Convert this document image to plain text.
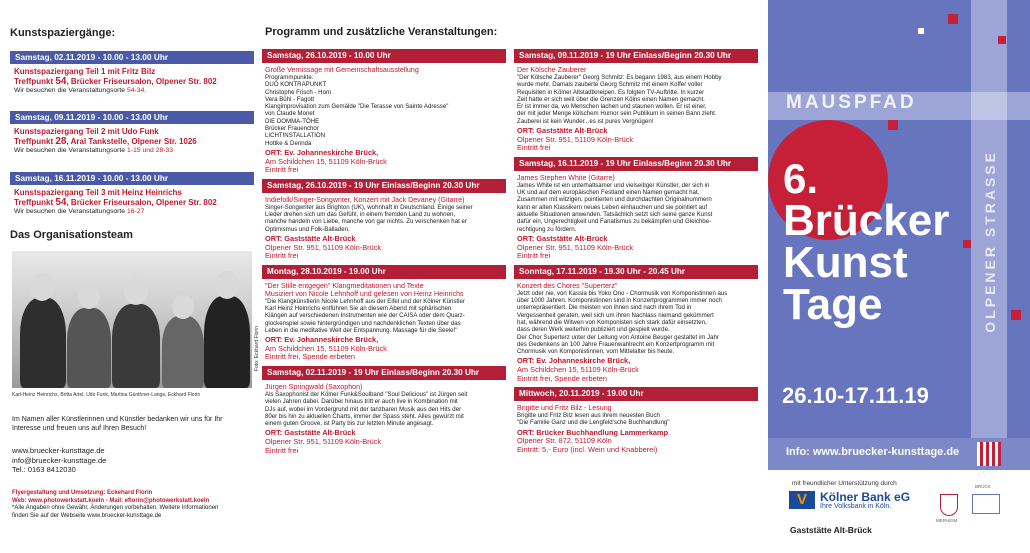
Kunstspaziergänge:
Samstag, 02.11.2019 - 10.00 - 13.00 Uhr
Kunstspaziergang Teil 1 mit Fritz Bilz
Treffpunkt 54, Brücker Friseursalon, Olpener Str. 802
Wir besuchen die Veranstaltungsorte 54-34.
Samstag, 09.11.2019 - 10.00 - 13.00 Uhr
Kunstspaziergang Teil 2 mit Udo Funk
Treffpunkt 28, Aral Tankstelle, Olpener Str. 1026
Wir besuchen die Veranstaltungsorte 1-15 und 28-33
Samstag, 16.11.2019 - 10.00 - 13.00 Uhr
Kunstspaziergang Teil 3 mit Heinz Heinrichs
Treffpunkt 54, Brücker Friseursalon, Olpener Str. 802
Wir besuchen die Veranstaltungsorte 16-27
Das Organisationsteam
Karl-Heinz Heinrichs, Britta Artel, Udo Funk, Martina Günthner-Lange, Eckhard Florin
Foto: Eckhard Florin
Im Namen aller Künstlerinnen und Künstler bedanken wir uns für Ihr Interesse und freuen uns auf Ihren Besuch!
www.bruecker-kunsttage.de
info@bruecker-kunsttage.de
Tel.: 0163 8412030
Flyergestaltung und Umsetzung: Eckehard Florin
Web: www.photowerkstatt.koeln - Mail: eflorin@photowerkstatt.koeln
*Alle Angaben ohne Gewähr, Änderungen vorbehalten. Weitere Informationen
finden Sie auf der Webseite www.bruecker-kunsttage.de
Programm und zusätzliche Veranstaltungen:
Samstag, 26.10.2019 - 10.00 Uhr
Große Vernissage mit Gemeinschaftsausstellung
Programmpunkte:
DUO KONTRAPUNKT
Christophe Frisch - Horn
Vera Bühl - Fagott
Klangimprovisation zum Gemälde "Die Terasse von Sainte Adresse"
von Claude Monet
DIE DOMMA-TÖHE
Brücker Frauenchor
LICHTINSTALLATION
Hottke & Dennda
ORT: Ev. Johanneskirche Brück,
Am Schildchen 15, 51109 Köln-Brück
Eintritt frei
Samstag, 26.10.2019 - 19 Uhr Einlass/Beginn 20.30 Uhr
Indiefolk/Singer-Songwriter, Konzert mit Jack Devaney (Gitarre)
Singer-Songwriter aus Brighton (UK), wohnhaft in Deutschland. Einige seiner
Lieder drehen sich um das Gefühl, in einem fremden Land zu wohnen,
manche handeln von Liebe, manche von gar nichts. Zu verschenken hat er
Optimismus und Folk-Balladen.
ORT: Gaststätte Alt-Brück
Olpener Str. 951, 51109 Köln-Brück
Eintritt frei
Montag, 28.10.2019 - 19.00 Uhr
"Der Stille entgegen" Klangmeditationen und Texte
Musiziert von Nicole Lehnhoff und gelesen von Heinz Heinrichs
"Die Klangkünstlerin Nicole Lehnhoff aus der Eifel und der Kölner Künstler
Karl Heinz Heinrichs entführen Sie an diesem Abend mit sphärischen
Klängen auf verschiedenen Instrumenten wie der CAISA oder dem Quarz-
glockenspiel sowie hintergründigen und nachdenklichen Texten über das
Leben in die meditative Welt der Entspannung. Massage für die Seele!"
ORT: Ev. Johanneskirche Brück,
Am Schildchen 15, 51109 Köln-Brück
Eintritt frei, Spende erbeten
Samstag, 02.11.2019 - 19 Uhr Einlass/Beginn 20.30 Uhr
Jürgen Springwald (Saxophon)
Als Saxophonist der Kölner Funk&Soulband "Soul Delicious" ist Jürgen seit
vielen Jahren dabei. Darüber hinaus tritt er auch live in Kombination mit
DJs auf, wobei im Vordergrund mit der tanzbaren Musik aus den Hits der
80er bis hin zu aktuellen Charts, immer der Spass steht. Alles gewürzt mit
einem guten Groove, ist Party bis zur letzten Minute angesagt.
ORT: Gaststätte Alt-Brück
Olpener Str. 951, 51109 Köln-Brück
Eintritt frei
Samstag, 09.11.2019 - 19 Uhr Einlass/Beginn 20.30 Uhr
Der Kölsche Zauberer
"Der Kölsche Zauberer" Georg Schmitz: Es begann 1983, aus einem Hobby
wurde mehr. Damals zauberte Georg Schmitz mit einem Koffer voller
Requisiten in Kölner Altstadtkneipen. Es folgten TV-Auftritte. In kurzer
Zeit hatte er sich weit über die Grenzen Kölns einen Namen gemacht.
Er ist immer da, wo Menschen lachen und staunen wollen. Er ist einer,
der mit jeder Menge kölschem Humor sein Publikum in seinen Bann zieht.
Zauberei ist kein Wunder...es ist pures Vergnügen!
ORT: Gaststätte Alt-Brück
Olpener Str. 951, 51109 Köln-Brück
Eintritt frei
Samstag, 16.11.2019 - 19 Uhr Einlass/Beginn 20.30 Uhr
James Stephen White (Gitarre)
James White ist ein unterhaltsamer und vielseitiger Künstler, der sich in
UK und auf dem europäischen Festland einen Namen gemacht hat.
Zusammen mit witzigen, pointierten und durchdachten Originalnummern
kann er alten Klassikern neues Leben einhauchen und sie pointiert auf
aktuelle Situationen anwenden. Tatsächlich setzt sich seine ganze Kunst
dafür ein, Ungerechtigkeit und Fanatismus zu bekämpfen und Gleichbe-
rechtigung zu fördern.
ORT: Gaststätte Alt-Brück
Olpener Str. 951, 51109 Köln-Brück
Eintritt frei
Sonntag, 17.11.2019 - 19.30 Uhr - 20.45 Uhr
Konzert des Chores "Superterz"
Jetzt oder nie, von Kassia bis Yoko Ono - Chormusik von Komponistinnen aus
über 1000 Jahren. Komponistinnen sind in Konzertprogrammen immer noch
unterrepräsentiert. Die meisten von ihnen sind nach ihrem Tod in
Vergessenheit geraten, weil sich um ihren Nachlass niemand gekümmert
hat, während die Witwen von Komponisten sich stark dafür einsetzten,
dass deren Werk weiterhin publiziert und gespielt wurde.
Der Chor Superterz unter der Leitung von Antoine Beuger gestaltet im Jahr
des Gedenkens an 100 Jahre Frauenwahlrecht ein Konzertprogramm mit
Chormusik von Komponistinnen, vom Mittelalter bis heute.
ORT: Ev. Johanneskirche Brück,
Am Schildchen 15, 51109 Köln-Brück
Eintritt frei, Spende erbeten
Mittwoch, 20.11.2019 - 19.00 Uhr
Brigitte und Fritz Bilz - Lesung
Brigitte und Fritz Bilz lesen aus ihrem neuesten Buch
"Die Familie Ganz und die Lengfeld'sche Buchhandlung"
ORT: Brücker Buchhandlung Lammerkamp
Olpener Str. 872, 51109 Köln
Eintritt: 5,- Euro (incl. Wein und Knabberei)
MAUSPFAD
OLPENER STRASSE
6.
Brücker
Kunst
Tage
26.10-17.11.19
Info: www.bruecker-kunsttage.de
mit freundlicher Unterstützung durch
V	Kölner Bank eG
Ihre Volksbank in Köln.
Gaststätte Alt-Brück
MERHEIM
BRÜCK
